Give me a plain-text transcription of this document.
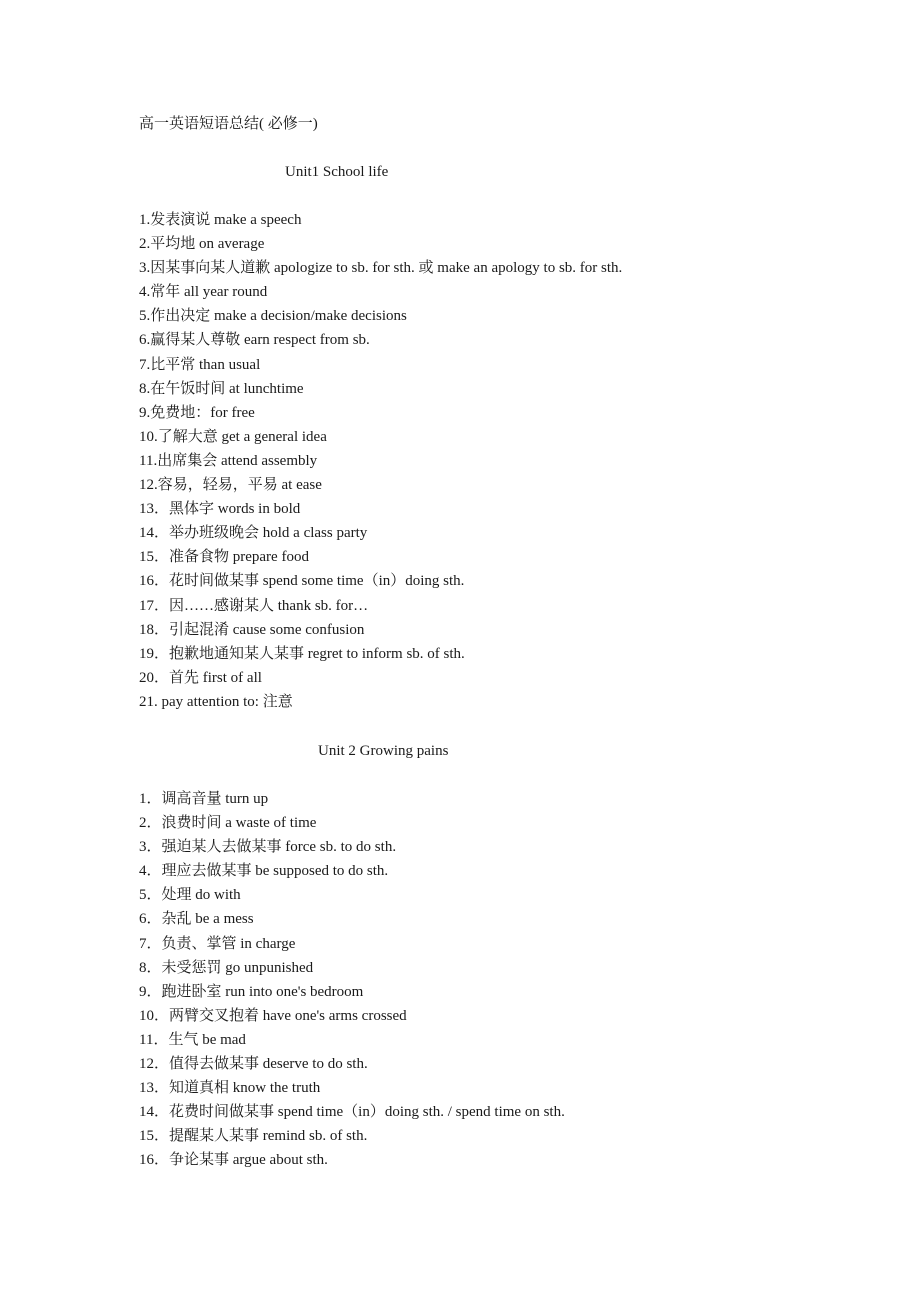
高一英语短语总结( 必修一)
Unit1 School life
1.发表演说 make a speech
2.平均地 on average
3.因某事向某人道歉 apologize to sb. for sth. 或 make an apology to sb. for sth.
4.常年 all year round
5.作出决定 make a decision/make decisions
6.赢得某人尊敬 earn respect from sb.
7.比平常 than usual
8.在午饭时间 at lunchtime
9.免费地：for free
10.了解大意 get a general idea
11.出席集会 attend assembly
12.容易，轻易，平易 at ease
13．黑体字 words in bold
14．举办班级晚会 hold a class party
15．准备食物 prepare food
16．花时间做某事 spend some time（in）doing sth.
17．因……感谢某人 thank sb. for…
18．引起混淆 cause some confusion
19．抱歉地通知某人某事 regret to inform sb. of sth.
20．首先 first of all
21. pay attention to: 注意
Unit 2 Growing pains
1．调高音量 turn up
2．浪费时间 a waste of time
3．强迫某人去做某事 force sb. to do sth.
4．理应去做某事 be supposed to do sth.
5．处理 do with
6．杂乱 be a mess
7．负责、掌管 in charge
8．未受惩罚 go unpunished
9．跑进卧室 run into one's bedroom
10．两臂交叉抱着 have one's arms crossed
11．生气 be mad
12．值得去做某事 deserve to do sth.
13．知道真相 know the truth
14．花费时间做某事 spend time（in）doing sth. / spend time on sth.
15．提醒某人某事 remind sb. of sth.
16．争论某事 argue about sth.
